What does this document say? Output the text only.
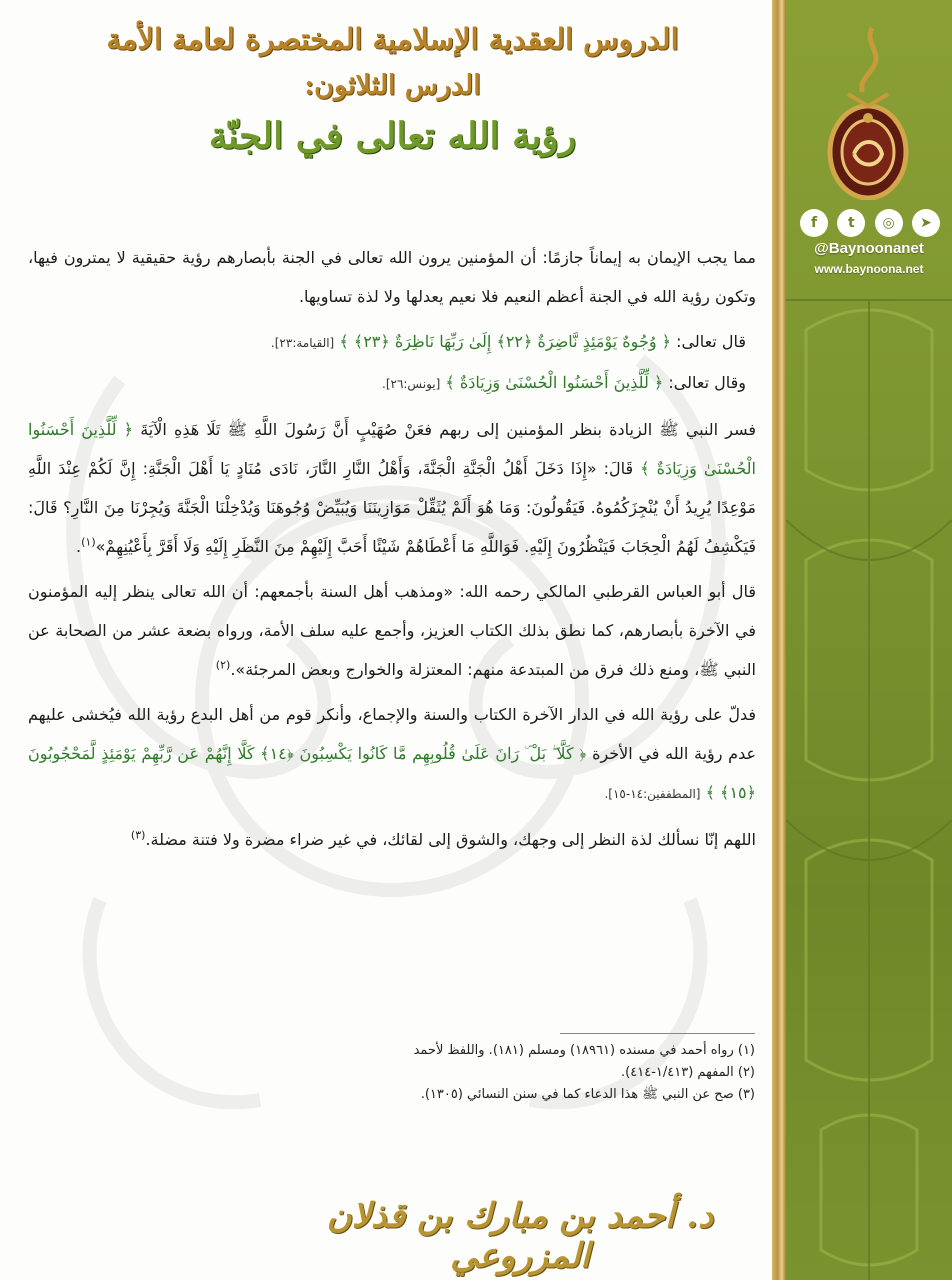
f	t	◎	➤
@Baynoonanet
www.baynoona.net
الدروس العقدية الإسلامية المختصرة لعامة الأمة
الدرس الثلاثون:
رؤية الله تعالى في الجنّة

مما يجب الإيمان به إيماناً جازمًا: أن المؤمنين يرون الله تعالى في الجنة بأبصارهم رؤية حقيقية لا يمترون فيها، وتكون رؤية الله في الجنة أعظم النعيم فلا نعيم يعدلها ولا لذة تساويها.

قال تعالى: ﴿ وُجُوهٌ يَوْمَئِذٍ نَّاضِرَةٌ ﴿٢٢﴾ إِلَىٰ رَبِّهَا نَاظِرَةٌ ﴿٢٣﴾ ﴾ [القيامة:٢٣].

وقال تعالى: ﴿ لِّلَّذِينَ أَحْسَنُوا الْحُسْنَىٰ وَزِيَادَةٌ ﴾ [يونس:٢٦].

فسر النبي ﷺ الزيادة بنظر المؤمنين إلى ربهم فعَنْ صُهَيْبٍ أَنَّ رَسُولَ اللَّهِ ﷺ تَلَا هَذِهِ الْآيَةَ ﴿ لِّلَّذِينَ أَحْسَنُوا الْحُسْنَىٰ وَزِيَادَةٌ ﴾ قَالَ: «إِذَا دَخَلَ أَهْلُ الْجَنَّةِ الْجَنَّةَ، وَأَهْلُ النَّارِ النَّارَ، نَادَى مُنَادٍ يَا أَهْلَ الْجَنَّةِ: إِنَّ لَكُمْ عِنْدَ اللَّهِ مَوْعِدًا يُرِيدُ أَنْ يُنْجِزَكُمُوهُ. فَيَقُولُونَ: وَمَا هُوَ أَلَمْ يُثَقِّلْ مَوَازِينَنَا وَيُبَيِّضْ وُجُوهَنَا وَيُدْخِلْنَا الْجَنَّةَ وَيُجِرْنَا مِنَ النَّارِ؟ قَالَ: فَيَكْشِفُ لَهُمُ الْحِجَابَ فَيَنْظُرُونَ إِلَيْهِ. فَوَاللَّهِ مَا أَعْطَاهُمْ شَيْئًا أَحَبَّ إِلَيْهِمْ مِنَ النَّظَرِ إِلَيْهِ وَلَا أَقَرَّ بِأَعْيُنِهِمْ»$^{(١)}$.

قال أبو العباس القرطبي المالكي رحمه الله: «ومذهب أهل السنة بأجمعهم: أن الله تعالى ينظر إليه المؤمنون في الآخرة بأبصارهم، كما نطق بذلك الكتاب العزيز، وأجمع عليه سلف الأمة، ورواه بضعة عشر من الصحابة عن النبي ﷺ، ومنع ذلك فرق من المبتدعة منهم: المعتزلة والخوارج وبعض المرجئة».$^{(٢)}$

فدلّ على رؤية الله في الدار الآخرة الكتاب والسنة والإجماع، وأنكر قوم من أهل البدع رؤية الله فيُخشى عليهم عدم رؤية الله في الأخرة ﴿ كَلَّا ۖ بَلْ ۜ رَانَ عَلَىٰ قُلُوبِهِم مَّا كَانُوا يَكْسِبُونَ ﴿١٤﴾ كَلَّا إِنَّهُمْ عَن رَّبِّهِمْ يَوْمَئِذٍ لَّمَحْجُوبُونَ ﴿١٥﴾ ﴾ [المطففين:١٤-١٥].

اللهم إنّا نسألك لذة النظر إلى وجهك، والشوق إلى لقائك، في غير ضراء مضرة ولا فتنة مضلة.$^{(٣)}$

(١) رواه أحمد في مسنده (١٨٩٦١) ومسلم (١٨١). واللفظ لأحمد
(٢) المفهم (١/٤١٣-٤١٤).
(٣) صح عن النبي ﷺ هذا الدعاء كما في سنن النسائي (١٣٠٥).
د. أحمد بن مبارك بن قذلان المزروعي
